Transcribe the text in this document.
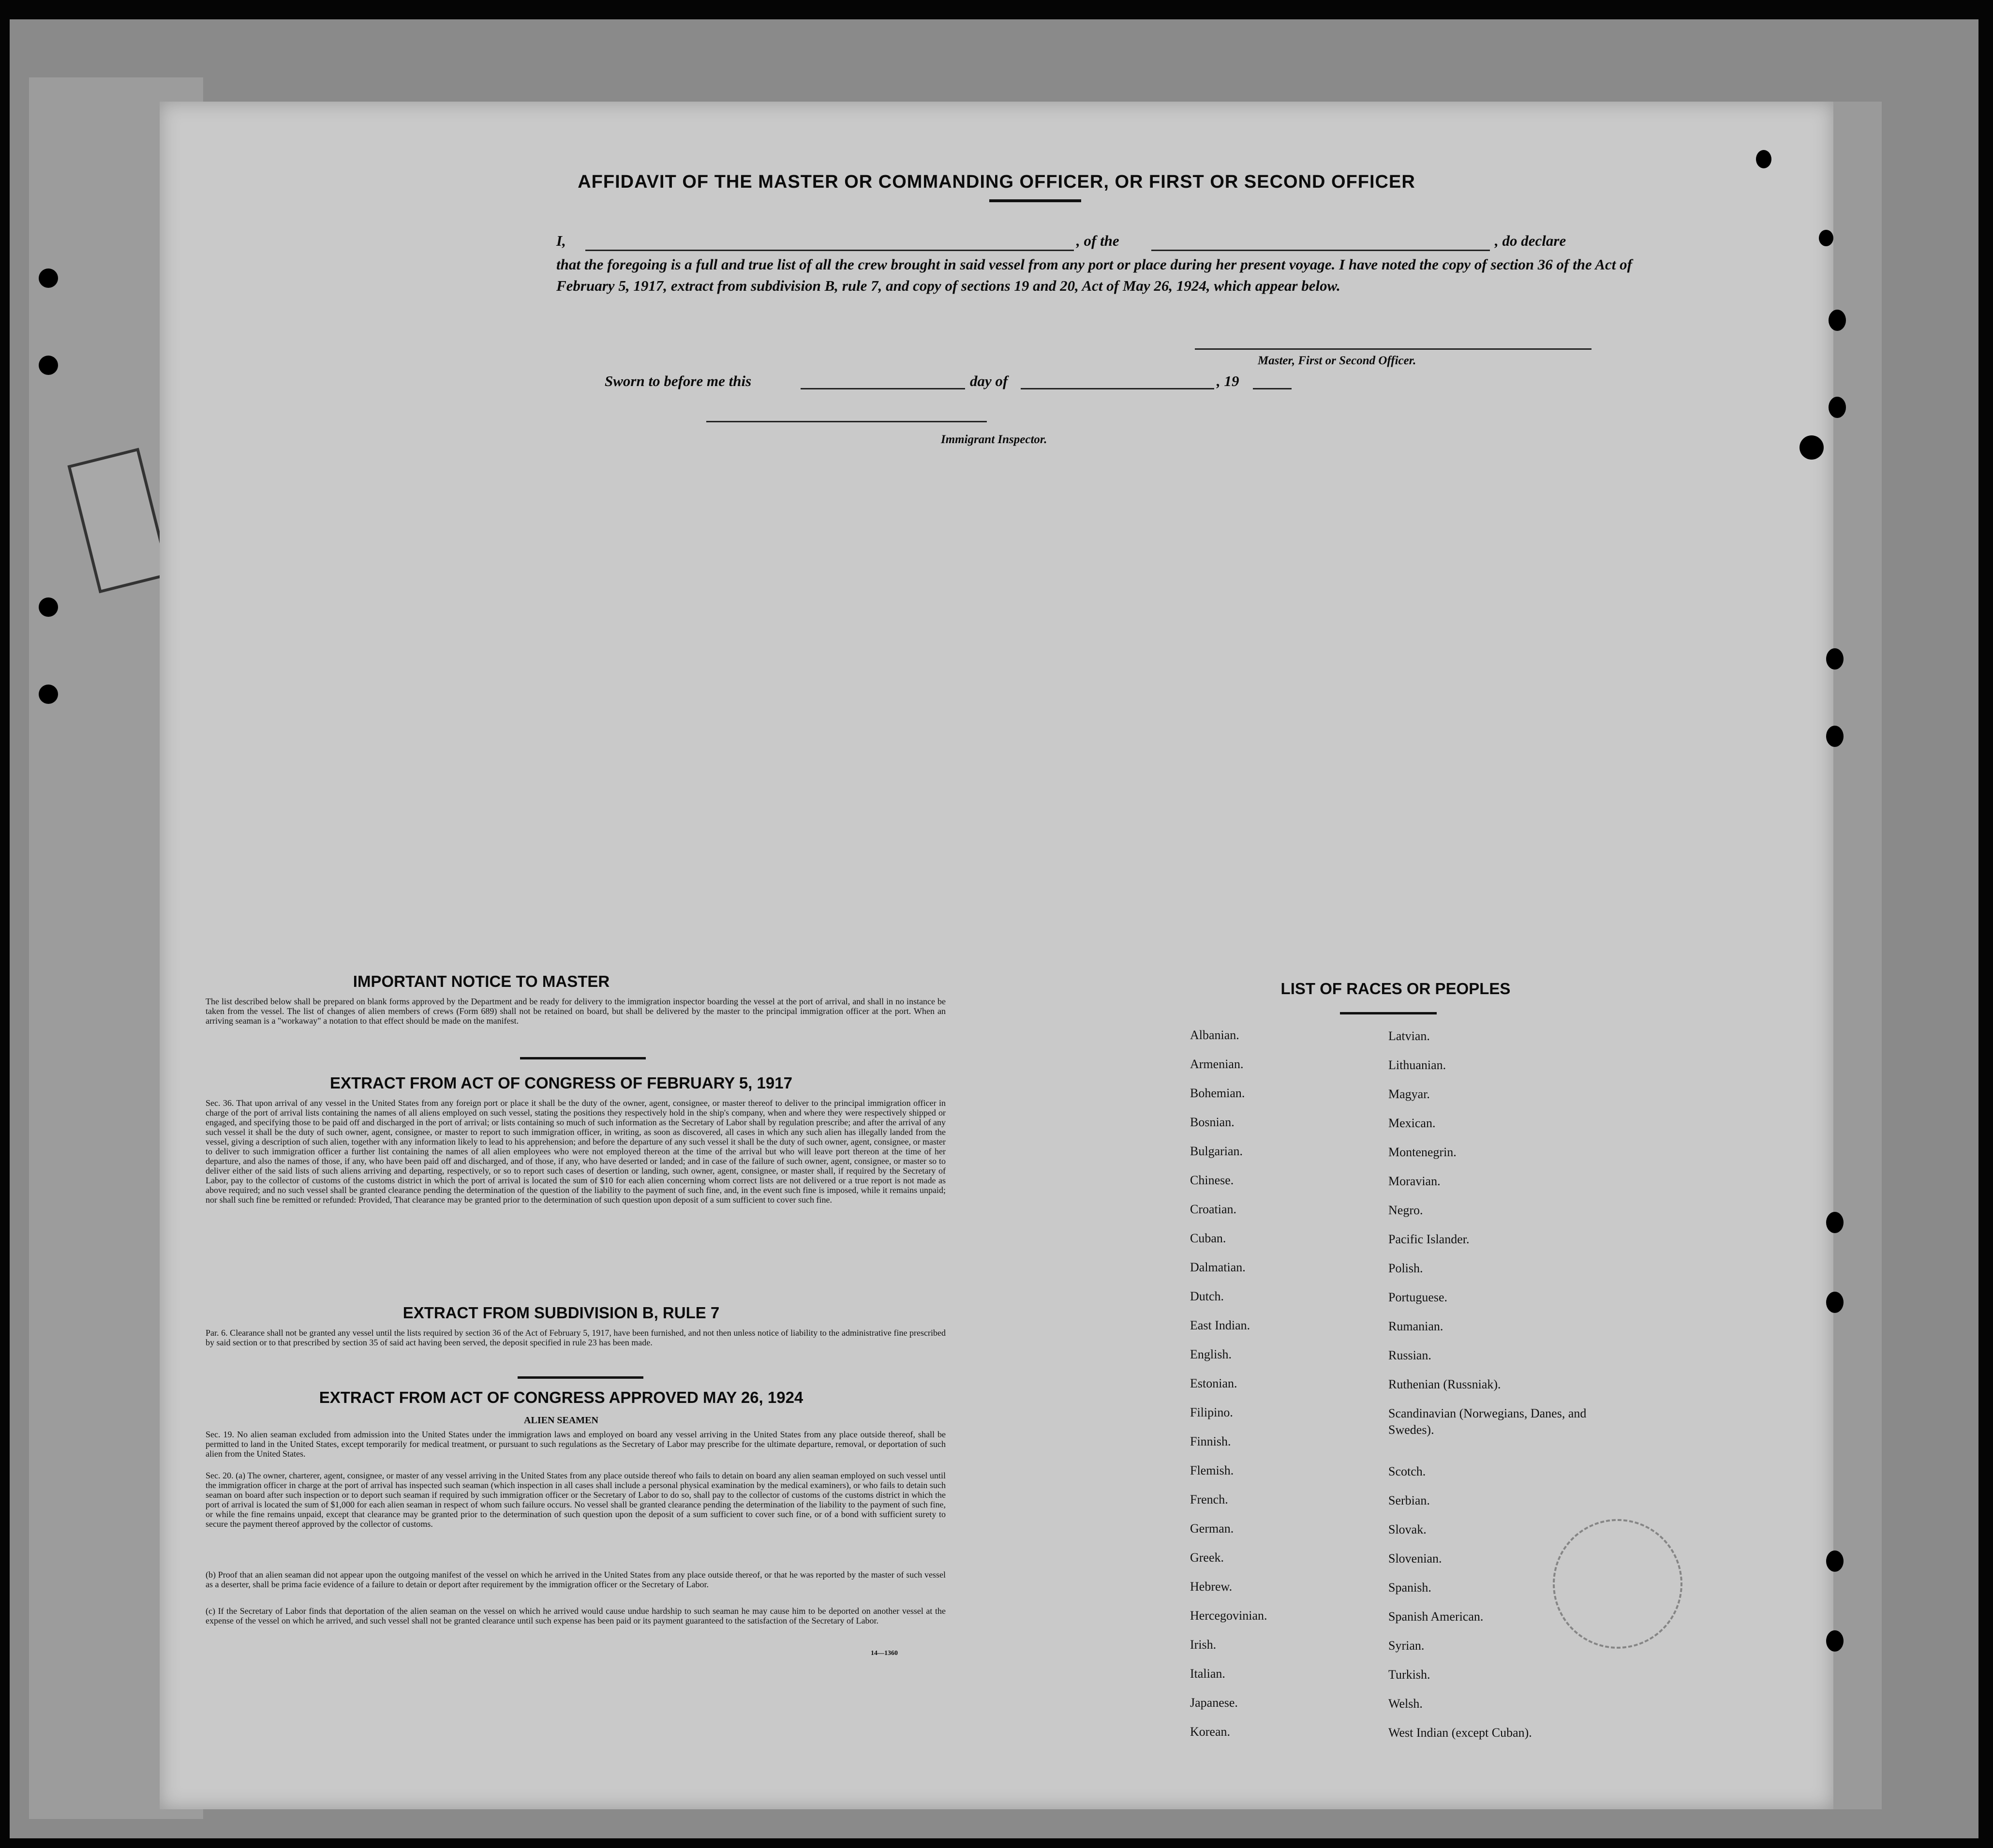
AFFIDAVIT OF THE MASTER OR COMMANDING OFFICER, OR FIRST OR SECOND OFFICER
I,	, of the	, do declare
that the foregoing is a full and true list of all the crew brought in said vessel from any port or place during her present voyage. I have noted the copy of section 36 of the Act of February 5, 1917, extract from subdivision B, rule 7, and copy of sections 19 and 20, Act of May 26, 1924, which appear below.
Master, First or Second Officer.
Sworn to before me this	day of	, 19
Immigrant Inspector.
IMPORTANT NOTICE TO MASTER
The list described below shall be prepared on blank forms approved by the Department and be ready for delivery to the immigration inspector boarding the vessel at the port of arrival, and shall in no instance be taken from the vessel. The list of changes of alien members of crews (Form 689) shall not be retained on board, but shall be delivered by the master to the principal immigration officer at the port. When an arriving seaman is a "workaway" a notation to that effect should be made on the manifest.
EXTRACT FROM ACT OF CONGRESS OF FEBRUARY 5, 1917
Sec. 36. That upon arrival of any vessel in the United States from any foreign port or place it shall be the duty of the owner, agent, consignee, or master thereof to deliver to the principal immigration officer in charge of the port of arrival lists containing the names of all aliens employed on such vessel, stating the positions they respectively hold in the ship's company, when and where they were respectively shipped or engaged, and specifying those to be paid off and discharged in the port of arrival; or lists containing so much of such information as the Secretary of Labor shall by regulation prescribe; and after the arrival of any such vessel it shall be the duty of such owner, agent, consignee, or master to report to such immigration officer, in writing, as soon as discovered, all cases in which any such alien has illegally landed from the vessel, giving a description of such alien, together with any information likely to lead to his apprehension; and before the departure of any such vessel it shall be the duty of such owner, agent, consignee, or master to deliver to such immigration officer a further list containing the names of all alien employees who were not employed thereon at the time of the arrival but who will leave port thereon at the time of her departure, and also the names of those, if any, who have been paid off and discharged, and of those, if any, who have deserted or landed; and in case of the failure of such owner, agent, consignee, or master so to deliver either of the said lists of such aliens arriving and departing, respectively, or so to report such cases of desertion or landing, such owner, agent, consignee, or master shall, if required by the Secretary of Labor, pay to the collector of customs of the customs district in which the port of arrival is located the sum of $10 for each alien concerning whom correct lists are not delivered or a true report is not made as above required; and no such vessel shall be granted clearance pending the determination of the question of the liability to the payment of such fine, and, in the event such fine is imposed, while it remains unpaid; nor shall such fine be remitted or refunded: Provided, That clearance may be granted prior to the determination of such question upon deposit of a sum sufficient to cover such fine.
EXTRACT FROM SUBDIVISION B, RULE 7
Par. 6. Clearance shall not be granted any vessel until the lists required by section 36 of the Act of February 5, 1917, have been furnished, and not then unless notice of liability to the administrative fine prescribed by said section or to that prescribed by section 35 of said act having been served, the deposit specified in rule 23 has been made.
EXTRACT FROM ACT OF CONGRESS APPROVED MAY 26, 1924
ALIEN SEAMEN
Sec. 19. No alien seaman excluded from admission into the United States under the immigration laws and employed on board any vessel arriving in the United States from any place outside thereof, shall be permitted to land in the United States, except temporarily for medical treatment, or pursuant to such regulations as the Secretary of Labor may prescribe for the ultimate departure, removal, or deportation of such alien from the United States.
Sec. 20. (a) The owner, charterer, agent, consignee, or master of any vessel arriving in the United States from any place outside thereof who fails to detain on board any alien seaman employed on such vessel until the immigration officer in charge at the port of arrival has inspected such seaman (which inspection in all cases shall include a personal physical examination by the medical examiners), or who fails to detain such seaman on board after such inspection or to deport such seaman if required by such immigration officer or the Secretary of Labor to do so, shall pay to the collector of customs of the customs district in which the port of arrival is located the sum of $1,000 for each alien seaman in respect of whom such failure occurs. No vessel shall be granted clearance pending the determination of the liability to the payment of such fine, or while the fine remains unpaid, except that clearance may be granted prior to the determination of such question upon the deposit of a sum sufficient to cover such fine, or of a bond with sufficient surety to secure the payment thereof approved by the collector of customs.
(b) Proof that an alien seaman did not appear upon the outgoing manifest of the vessel on which he arrived in the United States from any place outside thereof, or that he was reported by the master of such vessel as a deserter, shall be prima facie evidence of a failure to detain or deport after requirement by the immigration officer or the Secretary of Labor.
(c) If the Secretary of Labor finds that deportation of the alien seaman on the vessel on which he arrived would cause undue hardship to such seaman he may cause him to be deported on another vessel at the expense of the vessel on which he arrived, and such vessel shall not be granted clearance until such expense has been paid or its payment guaranteed to the satisfaction of the Secretary of Labor.
14—1360
LIST OF RACES OR PEOPLES
Albanian.
Armenian.
Bohemian.
Bosnian.
Bulgarian.
Chinese.
Croatian.
Cuban.
Dalmatian.
Dutch.
East Indian.
English.
Estonian.
Filipino.
Finnish.
Flemish.
French.
German.
Greek.
Hebrew.
Hercegovinian.
Irish.
Italian.
Japanese.
Korean.
Latvian.
Lithuanian.
Magyar.
Mexican.
Montenegrin.
Moravian.
Negro.
Pacific Islander.
Polish.
Portuguese.
Rumanian.
Russian.
Ruthenian (Russniak).
Scandinavian (Norwegians, Danes, and Swedes).
Scotch.
Serbian.
Slovak.
Slovenian.
Spanish.
Spanish American.
Syrian.
Turkish.
Welsh.
West Indian (except Cuban).
4
